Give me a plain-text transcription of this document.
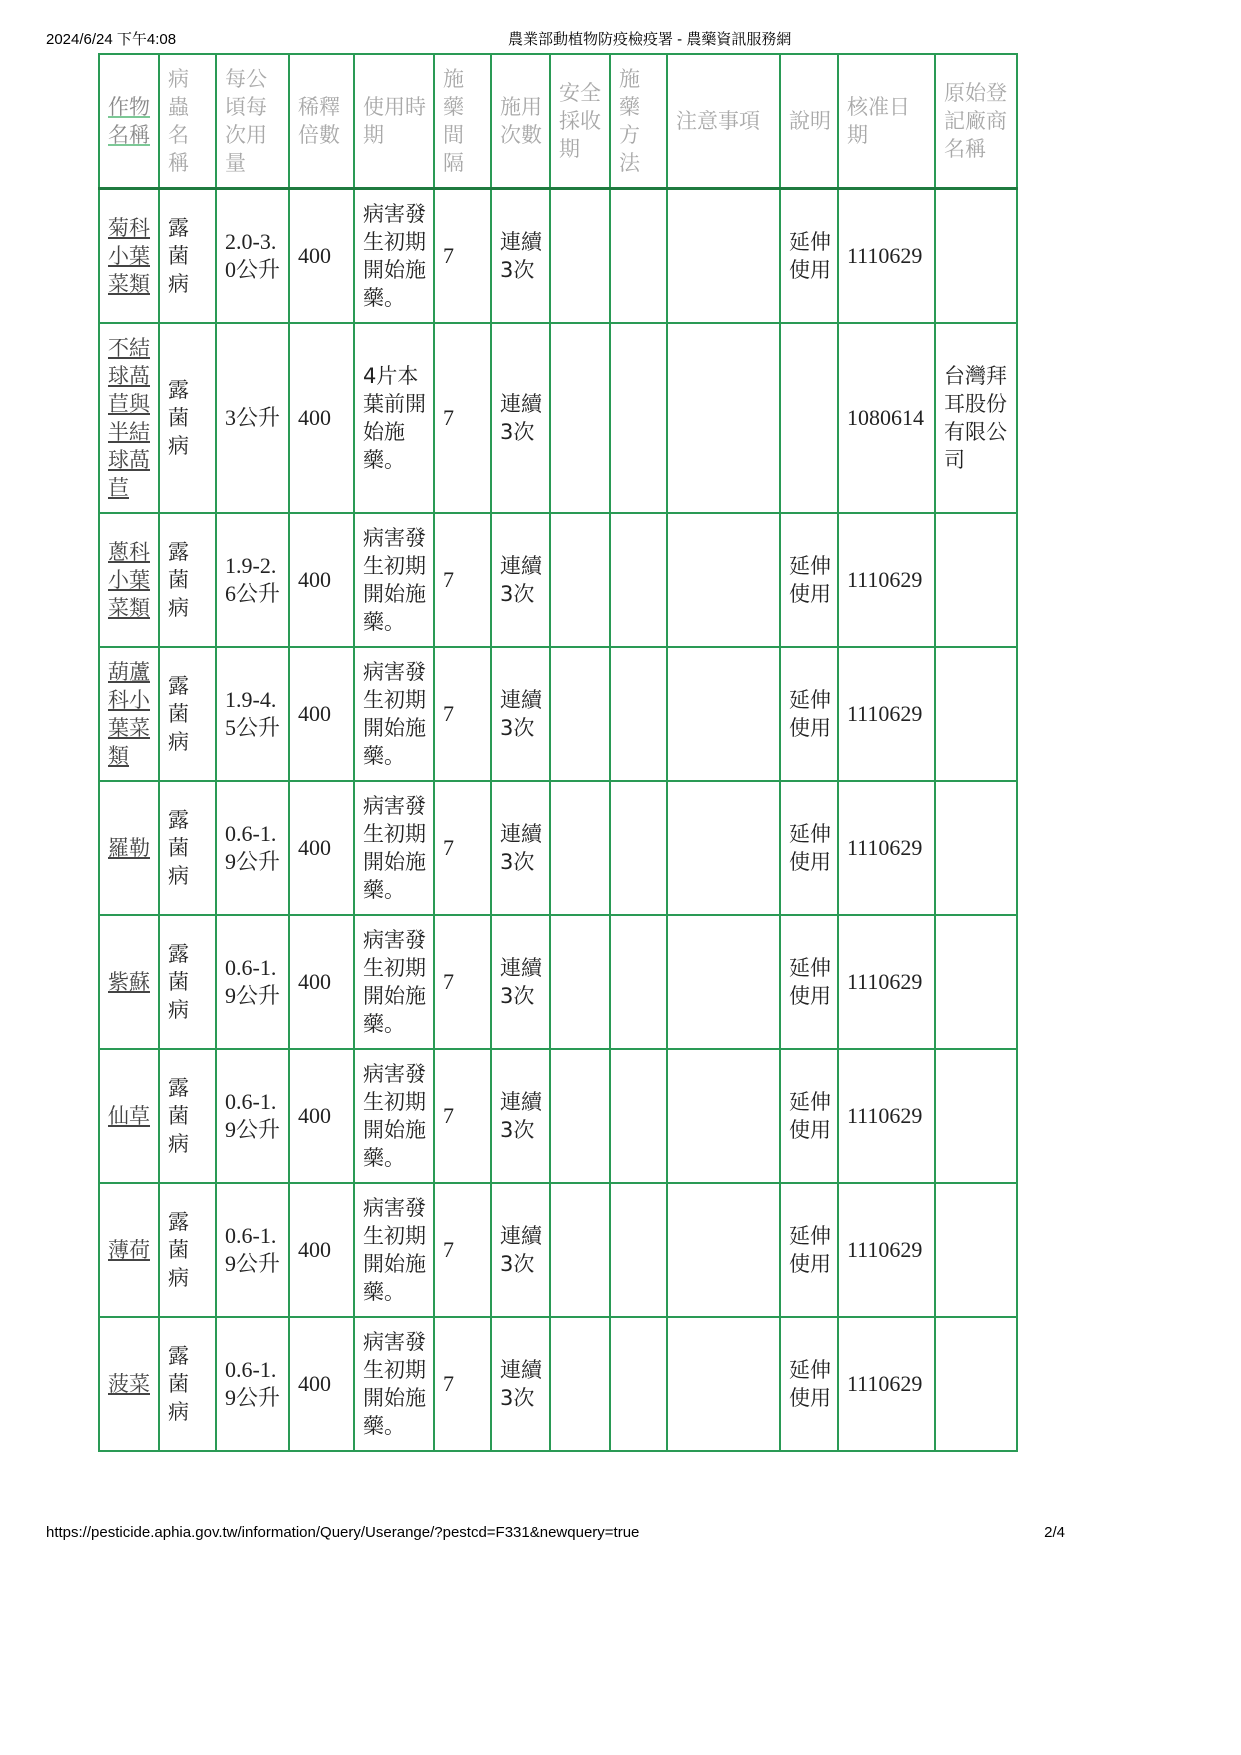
2024/6/24 下午4:08	農業部動植物防疫檢疫署 - 農藥資訊服務網
作物名稱	病蟲名稱	每公頃每次用量	稀釋倍數	使用時期	施藥間隔	施用次數	安全採收期	施藥方法	注意事項	說明	核准日期	原始登記廠商名稱
菊科小葉菜類	露菌病	2.0-3.0公升	400	病害發生初期開始施藥。	7	連續3次				延伸使用	1110629	
不結球萵苣與半結球萵苣	露菌病	3公升	400	4片本葉前開始施藥。	7	連續3次					1080614	台灣拜耳股份有限公司
蔥科小葉菜類	露菌病	1.9-2.6公升	400	病害發生初期開始施藥。	7	連續3次				延伸使用	1110629	
葫蘆科小葉菜類	露菌病	1.9-4.5公升	400	病害發生初期開始施藥。	7	連續3次				延伸使用	1110629	
羅勒	露菌病	0.6-1.9公升	400	病害發生初期開始施藥。	7	連續3次				延伸使用	1110629	
紫蘇	露菌病	0.6-1.9公升	400	病害發生初期開始施藥。	7	連續3次				延伸使用	1110629	
仙草	露菌病	0.6-1.9公升	400	病害發生初期開始施藥。	7	連續3次				延伸使用	1110629	
薄荷	露菌病	0.6-1.9公升	400	病害發生初期開始施藥。	7	連續3次				延伸使用	1110629	
菠菜	露菌病	0.6-1.9公升	400	病害發生初期開始施藥。	7	連續3次				延伸使用	1110629	
https://pesticide.aphia.gov.tw/information/Query/Userange/?pestcd=F331&newquery=true	2/4
